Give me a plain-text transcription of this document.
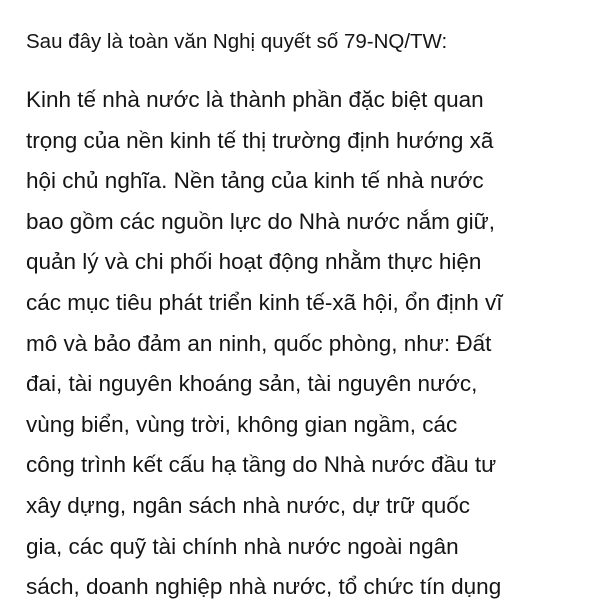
Sau đây là toàn văn Nghị quyết số 79-NQ/TW:

Kinh tế nhà nước là thành phần đặc biệt quan
trọng của nền kinh tế thị trường định hướng xã
hội chủ nghĩa. Nền tảng của kinh tế nhà nước
bao gồm các nguồn lực do Nhà nước nắm giữ,
quản lý và chi phối hoạt động nhằm thực hiện
các mục tiêu phát triển kinh tế-xã hội, ổn định vĩ
mô và bảo đảm an ninh, quốc phòng, như: Đất
đai, tài nguyên khoáng sản, tài nguyên nước,
vùng biển, vùng trời, không gian ngầm, các
công trình kết cấu hạ tầng do Nhà nước đầu tư
xây dựng, ngân sách nhà nước, dự trữ quốc
gia, các quỹ tài chính nhà nước ngoài ngân
sách, doanh nghiệp nhà nước, tổ chức tín dụng
